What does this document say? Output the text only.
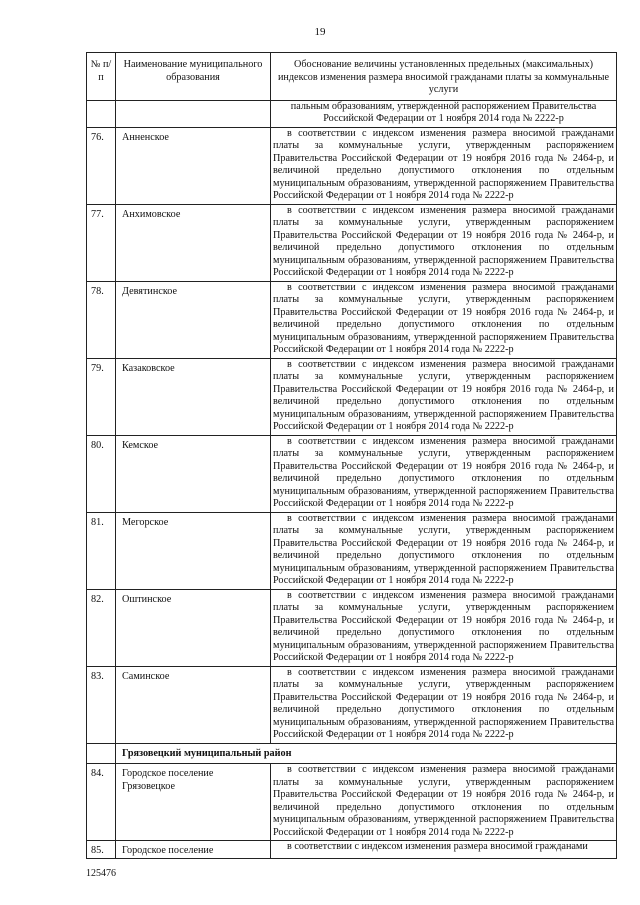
19
№ п/п	Наименование муниципального образования	Обоснование величины установленных предельных (максимальных) индексов изменения размера вносимой гражданами платы за коммунальные услуги
		пальным образованиям, утвержденной распоряжением Правительства Российской Федерации от 1 ноября 2014 года № 2222-р
76.	Анненское	в соответствии с индексом изменения размера вносимой гражданами платы за коммунальные услуги, утвержденным распоряжением Правительства Российской Федерации от 19 ноября 2016 года № 2464-р, и величиной предельно допустимого отклонения по отдельным муниципальным образованиям, утвержденной распоряжением Правительства Российской Федерации от 1 ноября 2014 года № 2222-р
77.	Анхимовское	в соответствии с индексом изменения размера вносимой гражданами платы за коммунальные услуги, утвержденным распоряжением Правительства Российской Федерации от 19 ноября 2016 года № 2464-р, и величиной предельно допустимого отклонения по отдельным муниципальным образованиям, утвержденной распоряжением Правительства Российской Федерации от 1 ноября 2014 года № 2222-р
78.	Девятинское	в соответствии с индексом изменения размера вносимой гражданами платы за коммунальные услуги, утвержденным распоряжением Правительства Российской Федерации от 19 ноября 2016 года № 2464-р, и величиной предельно допустимого отклонения по отдельным муниципальным образованиям, утвержденной распоряжением Правительства Российской Федерации от 1 ноября 2014 года № 2222-р
79.	Казаковское	в соответствии с индексом изменения размера вносимой гражданами платы за коммунальные услуги, утвержденным распоряжением Правительства Российской Федерации от 19 ноября 2016 года № 2464-р, и величиной предельно допустимого отклонения по отдельным муниципальным образованиям, утвержденной распоряжением Правительства Российской Федерации от 1 ноября 2014 года № 2222-р
80.	Кемское	в соответствии с индексом изменения размера вносимой гражданами платы за коммунальные услуги, утвержденным распоряжением Правительства Российской Федерации от 19 ноября 2016 года № 2464-р, и величиной предельно допустимого отклонения по отдельным муниципальным образованиям, утвержденной распоряжением Правительства Российской Федерации от 1 ноября 2014 года № 2222-р
81.	Мегорское	в соответствии с индексом изменения размера вносимой гражданами платы за коммунальные услуги, утвержденным распоряжением Правительства Российской Федерации от 19 ноября 2016 года № 2464-р, и величиной предельно допустимого отклонения по отдельным муниципальным образованиям, утвержденной распоряжением Правительства Российской Федерации от 1 ноября 2014 года № 2222-р
82.	Оштинское	в соответствии с индексом изменения размера вносимой гражданами платы за коммунальные услуги, утвержденным распоряжением Правительства Российской Федерации от 19 ноября 2016 года № 2464-р, и величиной предельно допустимого отклонения по отдельным муниципальным образованиям, утвержденной распоряжением Правительства Российской Федерации от 1 ноября 2014 года № 2222-р
83.	Саминское	в соответствии с индексом изменения размера вносимой гражданами платы за коммунальные услуги, утвержденным распоряжением Правительства Российской Федерации от 19 ноября 2016 года № 2464-р, и величиной предельно допустимого отклонения по отдельным муниципальным образованиям, утвержденной распоряжением Правительства Российской Федерации от 1 ноября 2014 года № 2222-р
	Грязовецкий муниципальный район	
84.	Городское поселение Грязовецкое	в соответствии с индексом изменения размера вносимой гражданами платы за коммунальные услуги, утвержденным распоряжением Правительства Российской Федерации от 19 ноября 2016 года № 2464-р, и величиной предельно допустимого отклонения по отдельным муниципальным образованиям, утвержденной распоряжением Правительства Российской Федерации от 1 ноября 2014 года № 2222-р
85.	Городское поселение	в соответствии с индексом изменения размера вносимой гражданами
125476
